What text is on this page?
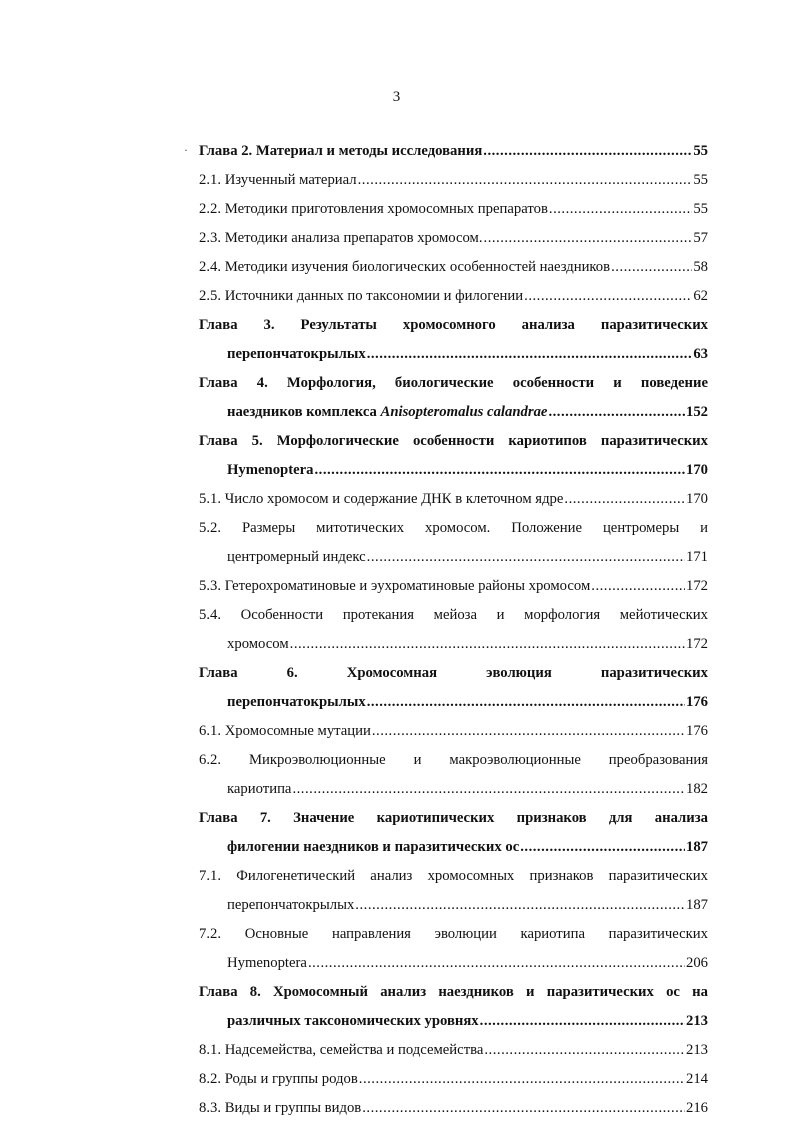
3
· Глава 2. Материал и методы исследования .....	55
2.1. Изученный материал .....	55
2.2. Методики приготовления хромосомных препаратов .....	55
2.3. Методики анализа препаратов хромосом. .....	57
2.4. Методики изучения биологических особенностей наездников .....	58
2.5. Источники данных по таксономии и филогении .....	62
Глава 3. Результаты хромосомного анализа паразитических
перепончатокрылых .....	63
Глава 4. Морфология, биологические особенности и поведение
наездников комплекса Anisopteromalus calandrae .....	152
Глава 5. Морфологические особенности кариотипов паразитических
Hymenoptera .....	170
5.1. Число хромосом и содержание ДНК в клеточном ядре .....	170
5.2. Размеры митотических хромосом. Положение центромеры и
центромерный индекс .....	171
5.3. Гетерохроматиновые и эухроматиновые районы хромосом .....	172
5.4. Особенности протекания мейоза и морфология мейотических
хромосом .....	172
Глава 6. Хромосомная эволюция паразитических
перепончатокрылых .....	176
6.1. Хромосомные мутации .....	176
6.2. Микроэволюционные и макроэволюционные преобразования
кариотипа .....	182
Глава 7. Значение кариотипических признаков для анализа
филогении наездников и паразитических ос .....	187
7.1. Филогенетический анализ хромосомных признаков паразитических
перепончатокрылых .....	187
7.2. Основные направления эволюции кариотипа паразитических
Hymenoptera .....	206
Глава 8. Хромосомный анализ наездников и паразитических ос на
различных таксономических уровнях .....	213
8.1. Надсемейства, семейства и подсемейства .....	213
8.2. Роды и группы родов .....	214
8.3. Виды и группы видов .....	216
